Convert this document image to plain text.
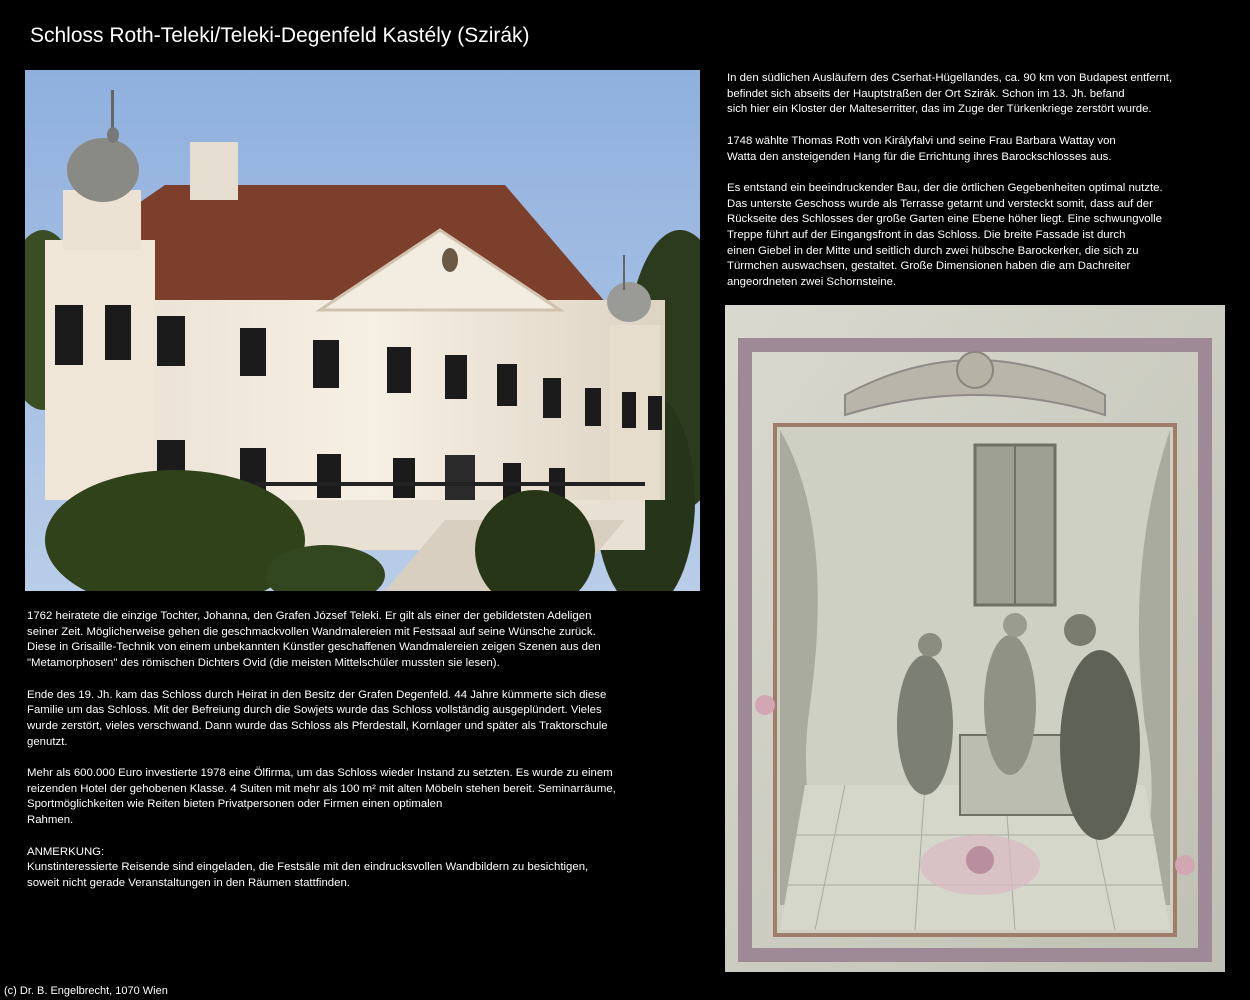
Schloss Roth-Teleki/Teleki-Degenfeld Kastély (Szirák)

In den südlichen Ausläufern des Cserhat-Hügellandes, ca. 90 km von Budapest entfernt,
befindet sich abseits der Hauptstraßen der Ort Szirák. Schon im 13. Jh. befand
sich hier ein Kloster der Malteserritter, das im Zuge der Türkenkriege zerstört wurde.

1748 wählte Thomas Roth von Királyfalvi und seine Frau Barbara Wattay von
Watta den ansteigenden Hang für die Errichtung ihres Barockschlosses aus.

Es entstand ein beeindruckender Bau, der die örtlichen Gegebenheiten optimal nutzte.
Das unterste Geschoss wurde als Terrasse getarnt und versteckt somit, dass auf der
Rückseite des Schlosses der große Garten eine Ebene höher liegt. Eine schwungvolle
Treppe führt auf der Eingangsfront in das Schloss. Die breite Fassade ist durch
einen Giebel in der Mitte und seitlich durch zwei hübsche Barockerker, die sich zu
Türmchen auswachsen, gestaltet. Große Dimensionen haben die am Dachreiter
angeordneten zwei Schornsteine.

1762 heiratete die einzige Tochter, Johanna, den Grafen József Teleki. Er gilt als einer der gebildetsten Adeligen
seiner Zeit. Möglicherweise gehen die geschmackvollen Wandmalereien mit Festsaal auf seine Wünsche zurück.
Diese in Grisaille-Technik von einem unbekannten Künstler geschaffenen Wandmalereien zeigen Szenen aus den
"Metamorphosen" des römischen Dichters Ovid (die meisten Mittelschüler mussten sie lesen).

Ende des 19. Jh. kam das Schloss durch Heirat in den Besitz der Grafen Degenfeld. 44 Jahre kümmerte sich diese
Familie um das Schloss. Mit der Befreiung durch die Sowjets wurde das Schloss vollständig ausgeplündert. Vieles
wurde zerstört, vieles verschwand. Dann wurde das Schloss als Pferdestall, Kornlager und später als Traktorschule
genutzt.

Mehr als 600.000 Euro investierte 1978 eine Ölfirma, um das Schloss wieder Instand zu setzten. Es wurde zu einem
reizenden Hotel der gehobenen Klasse. 4 Suiten mit mehr als 100 m² mit alten Möbeln stehen bereit. Seminarräume,
Sportmöglichkeiten wie Reiten bieten Privatpersonen oder Firmen einen optimalen
Rahmen.

ANMERKUNG:
Kunstinteressierte Reisende sind eingeladen, die Festsäle mit den eindrucksvollen Wandbildern zu besichtigen,
soweit nicht gerade Veranstaltungen in den Räumen stattfinden.

(c) Dr. B. Engelbrecht, 1070 Wien
